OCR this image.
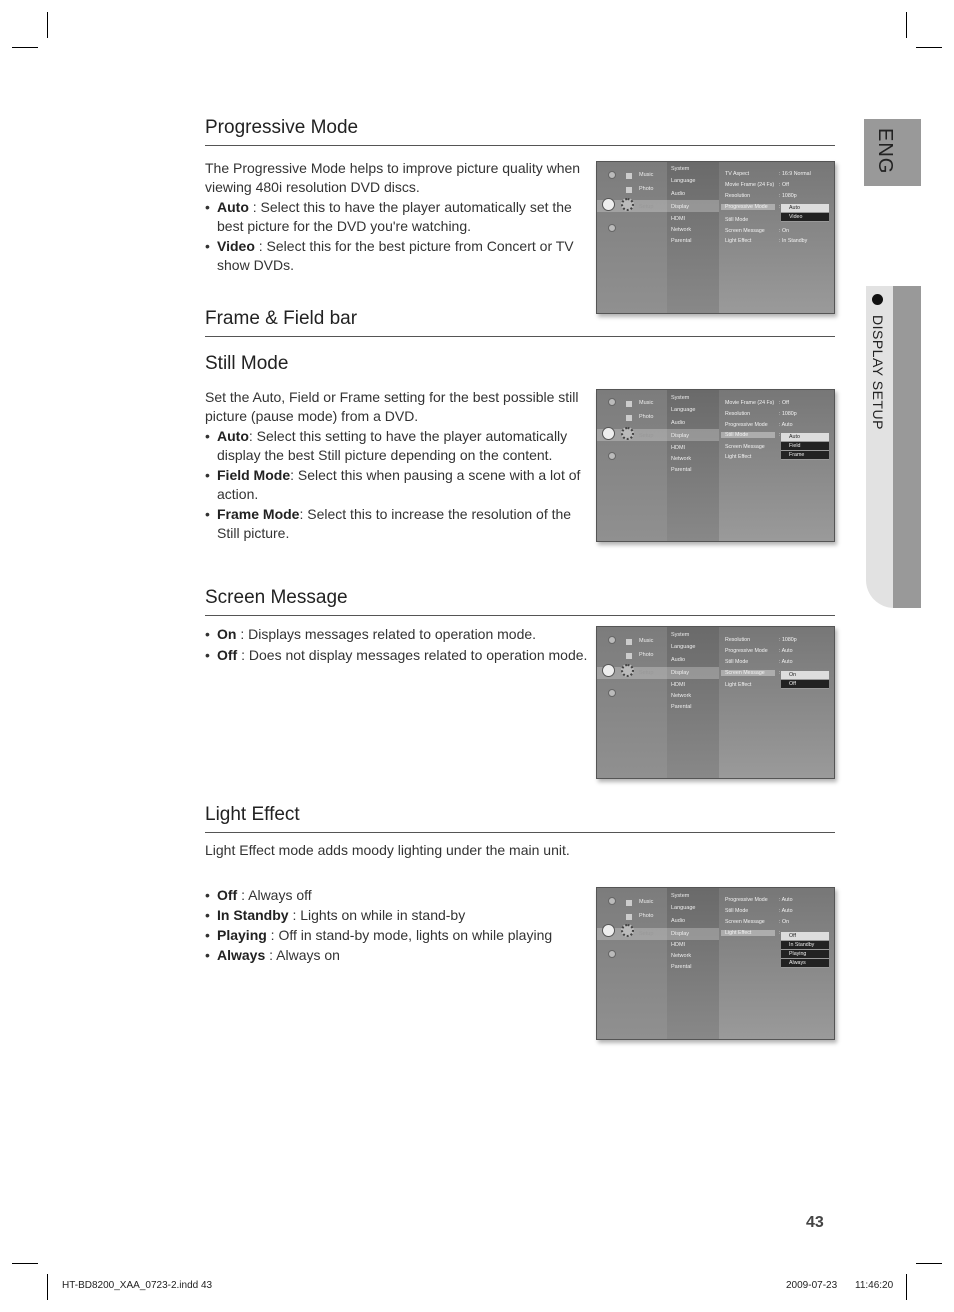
ENG
DISPLAY SETUP
Progressive Mode

The Progressive Mode helps to improve picture quality when viewing 480i resolution DVD discs.

• Auto : Select this to have the player automatically set the best picture for the DVD you're watching.
• Video : Select this for the best picture from Concert or TV show DVDs.
Music
Photo
Setup
System
Language
Audio
Display
HDMI
Network
Parental
TV Aspect	: 16:9 Normal
Movie Frame (24 Fs) : Off
Resolution	: 1080p
Progressive Mode :
Still Mode
Screen Message	: On
Light Effect	: In Standby
Auto
Video
Frame & Field bar
Still Mode

Set the Auto, Field or Frame setting for the best possible still picture (pause mode) from a DVD.

• Auto: Select this setting to have the player automatically display the best Still picture depending on the content.
• Field Mode: Select this when pausing a scene with a lot of action.
• Frame Mode: Select this to increase the resolution of the Still picture.
Music
Photo
Setup
System
Language
Audio
Display
HDMI
Network
Parental
Movie Frame (24 Fs) : Off
Resolution	: 1080p
Progressive Mode : Auto
Still Mode	:
Screen Message
Light Effect
Auto
Field
Frame
Screen Message
• On : Displays messages related to operation mode.
• Off : Does not display messages related to operation mode.
Music
Photo
Setup
System
Language
Audio
Display
HDMI
Network
Parental
Resolution	: 1080p
Progressive Mode : Auto
Still Mode	: Auto
Screen Message	:
Light Effect
On
Off
Light Effect
Light Effect mode adds moody lighting under the main unit.
• Off : Always off
• In Standby : Lights on while in stand-by
• Playing : Off in stand-by mode, lights on while playing
• Always : Always on
Music
Photo
Setup
System
Language
Audio
Display
HDMI
Network
Parental
Progressive Mode : Auto
Still Mode	: Auto
Screen Message	: On
Light Effect	:	Off
In Standby
Playing
Always
43
HT-BD8200_XAA_0723-2.indd 43	2009-07-23 11:46:20
